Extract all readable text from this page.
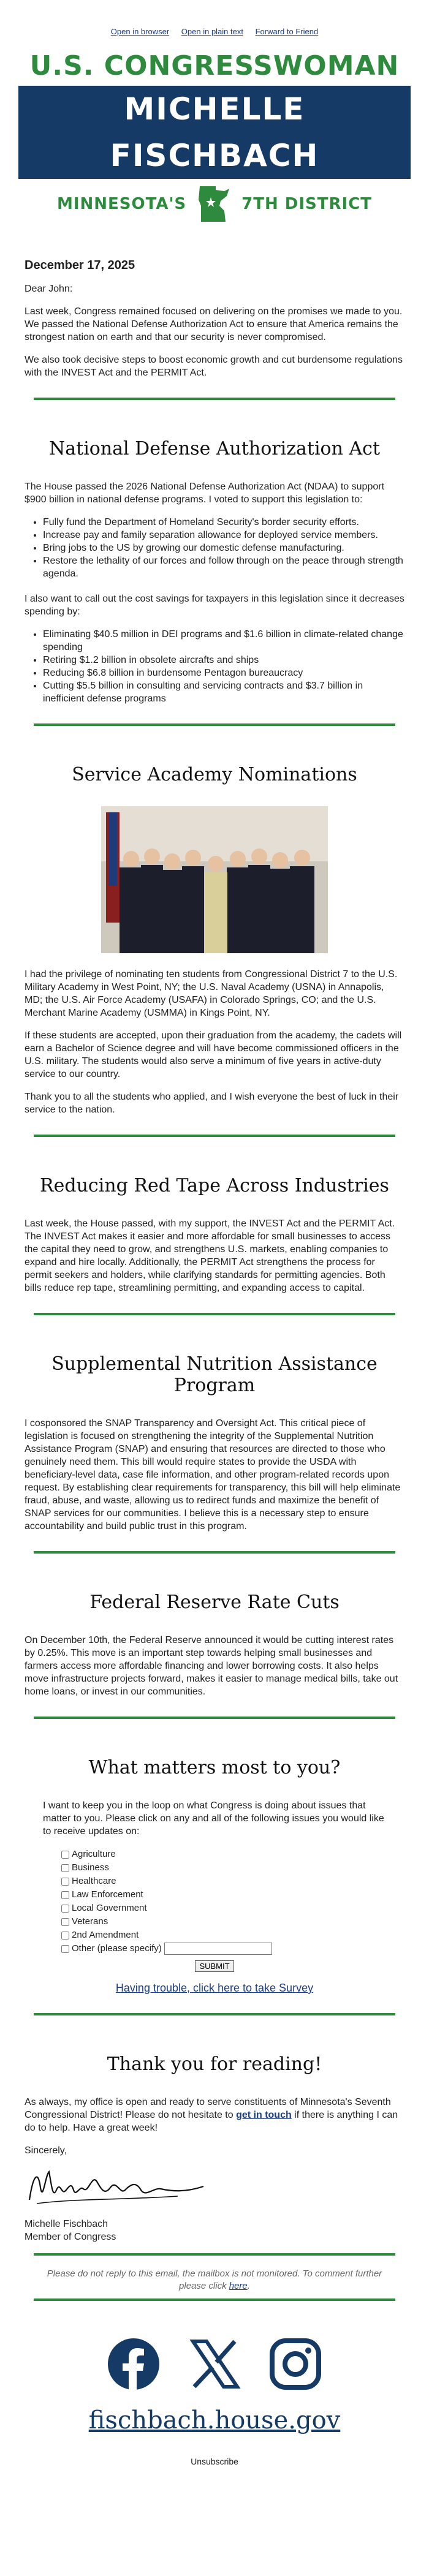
Open in browser Open in plain text Forward to Friend
U.S. CONGRESSWOMAN
MICHELLE FISCHBACH
MINNESOTA'S	7TH DISTRICT
December 17, 2025

Dear John:

Last week, Congress remained focused on delivering on the promises we made to you. We passed the National Defense Authorization Act to ensure that America remains the strongest nation on earth and that our security is never compromised.

We also took decisive steps to boost economic growth and cut burdensome regulations with the INVEST Act and the PERMIT Act.

National Defense Authorization Act

The House passed the 2026 National Defense Authorization Act (NDAA) to support $900 billion in national defense programs. I voted to support this legislation to:

• Fully fund the Department of Homeland Security's border security efforts.
• Increase pay and family separation allowance for deployed service members.
• Bring jobs to the US by growing our domestic defense manufacturing.
• Restore the lethality of our forces and follow through on the peace through strength agenda.

I also want to call out the cost savings for taxpayers in this legislation since it decreases spending by:

• Eliminating $40.5 million in DEI programs and $1.6 billion in climate-related change spending
• Retiring $1.2 billion in obsolete aircrafts and ships
• Reducing $6.8 billion in burdensome Pentagon bureaucracy
• Cutting $5.5 billion in consulting and servicing contracts and $3.7 billion in inefficient defense programs
Service Academy Nominations

I had the privilege of nominating ten students from Congressional District 7 to the U.S. Military Academy in West Point, NY; the U.S. Naval Academy (USNA) in Annapolis, MD; the U.S. Air Force Academy (USAFA) in Colorado Springs, CO; and the U.S. Merchant Marine Academy (USMMA) in Kings Point, NY.

If these students are accepted, upon their graduation from the academy, the cadets will earn a Bachelor of Science degree and will have become commissioned officers in the U.S. military. The students would also serve a minimum of five years in active-duty service to our country.

Thank you to all the students who applied, and I wish everyone the best of luck in their service to the nation.

Reducing Red Tape Across Industries

Last week, the House passed, with my support, the INVEST Act and the PERMIT Act. The INVEST Act makes it easier and more affordable for small businesses to access the capital they need to grow, and strengthens U.S. markets, enabling companies to expand and hire locally. Additionally, the PERMIT Act strengthens the process for permit seekers and holders, while clarifying standards for permitting agencies. Both bills reduce rep tape, streamlining permitting, and expanding access to capital.

Supplemental Nutrition Assistance Program

I cosponsored the SNAP Transparency and Oversight Act. This critical piece of legislation is focused on strengthening the integrity of the Supplemental Nutrition Assistance Program (SNAP) and ensuring that resources are directed to those who genuinely need them. This bill would require states to provide the USDA with beneficiary-level data, case file information, and other program-related records upon request. By establishing clear requirements for transparency, this bill will help eliminate fraud, abuse, and waste, allowing us to redirect funds and maximize the benefit of SNAP services for our communities. I believe this is a necessary step to ensure accountability and build public trust in this program.

Federal Reserve Rate Cuts

On December 10th, the Federal Reserve announced it would be cutting interest rates by 0.25%. This move is an important step towards helping small businesses and farmers access more affordable financing and lower borrowing costs. It also helps move infrastructure projects forward, makes it easier to manage medical bills, take out home loans, or invest in our communities.

What matters most to you?

I want to keep you in the loop on what Congress is doing about issues that matter to you. Please click on any and all of the following issues you would like to receive updates on:

Agriculture
Business
Healthcare
Law Enforcement
Local Government
Veterans
2nd Amendment
Other (please specify)
SUBMIT
Having trouble, click here to take Survey
Thank you for reading!

As always, my office is open and ready to serve constituents of Minnesota's Seventh Congressional District! Please do not hesitate to get in touch if there is anything I can do to help. Have a great week!

Sincerely,
Michelle Fischbach
Member of Congress
Please do not reply to this email, the mailbox is not monitored. To comment further please click here.
fischbach.house.gov
Unsubscribe
